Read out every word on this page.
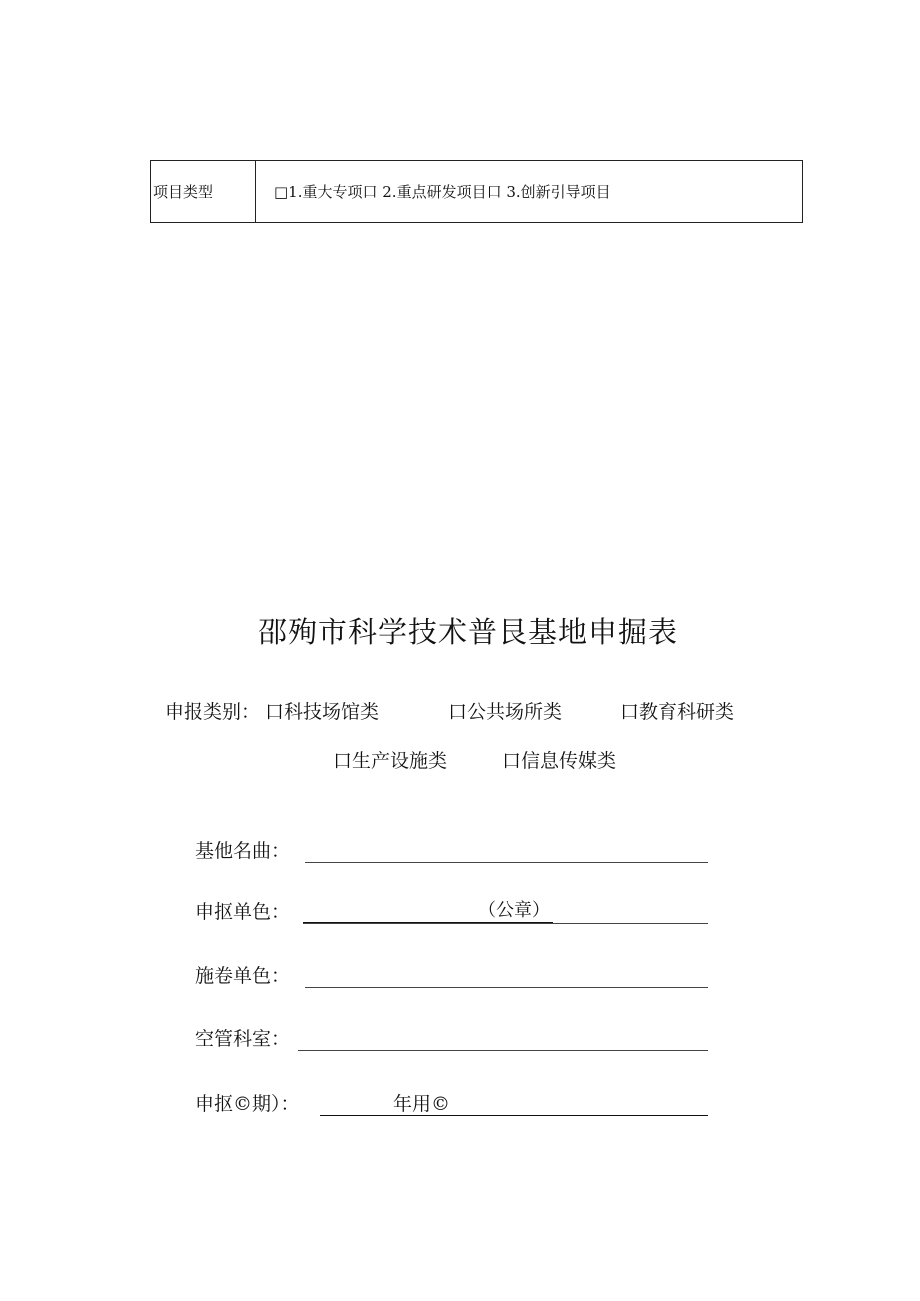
项目类型	□1.重大专项口 2.重点研发项目口 3.创新引导项目
邵殉市科学技术普艮基地申掘表
申报类别： 口科技场馆类	口公共场所类	口教育科研类
口生产设施类	口信息传媒类
基他名曲：
申抠单色：	（公章）
施卷单色：
空管科室：
申抠©期）：	年用©
